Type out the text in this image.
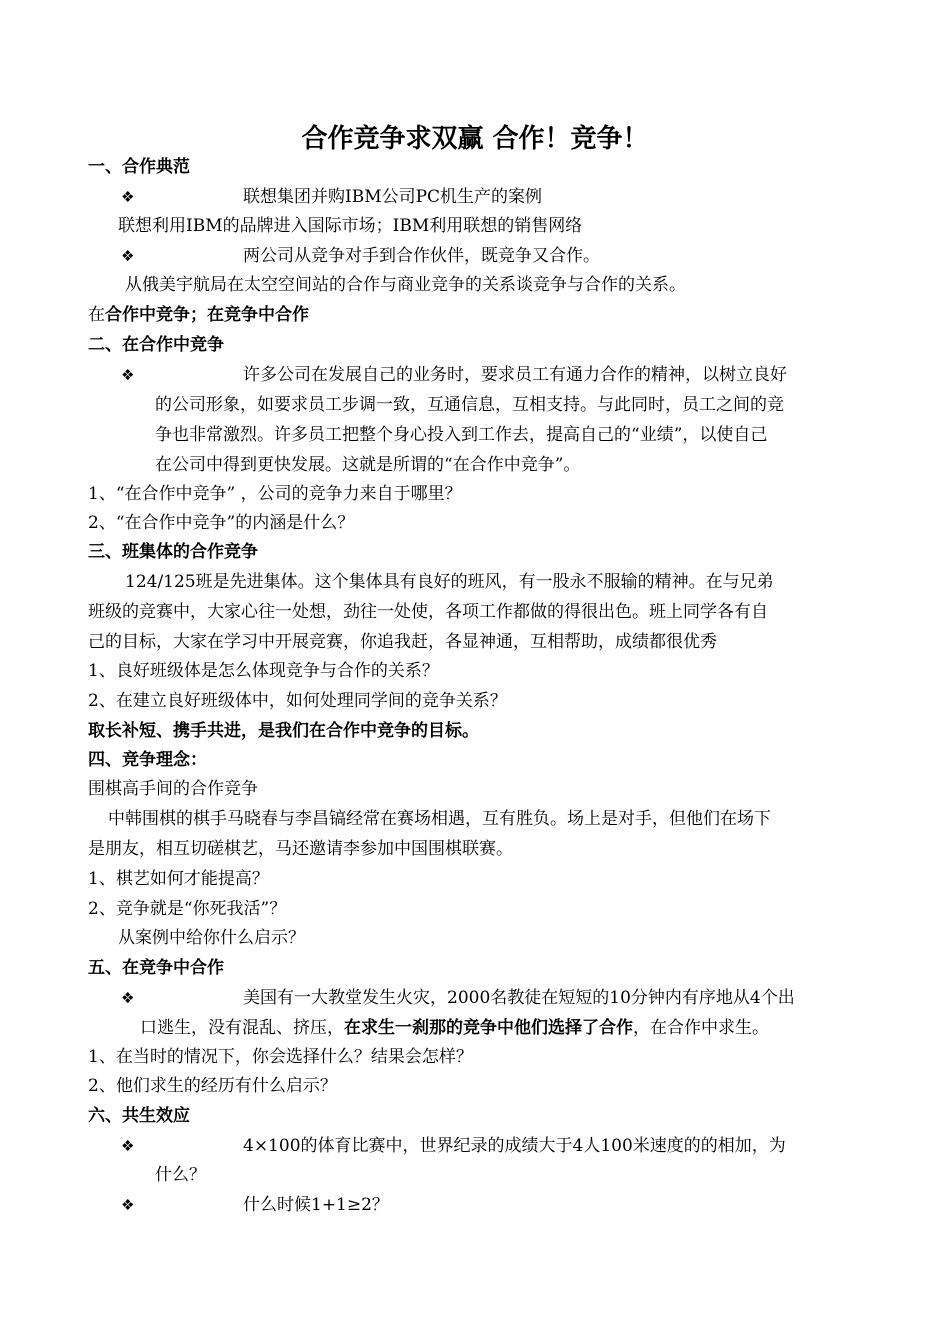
合作竞争求双赢 合作！竞争！
一、合作典范
❖	联想集团并购IBM公司PC机生产的案例
联想利用IBM的品牌进入国际市场；IBM利用联想的销售网络
❖	两公司从竞争对手到合作伙伴，既竞争又合作。
从俄美宇航局在太空空间站的合作与商业竞争的关系谈竞争与合作的关系。
在合作中竞争；在竞争中合作
二、在合作中竞争
❖	许多公司在发展自己的业务时，要求员工有通力合作的精神，以树立良好
的公司形象，如要求员工步调一致，互通信息，互相支持。与此同时，员工之间的竞
争也非常激烈。许多员工把整个身心投入到工作去，提高自己的“业绩”，以使自己
在公司中得到更快发展。这就是所谓的“在合作中竞争”。
1、“在合作中竞争” ，公司的竞争力来自于哪里？
2、“在合作中竞争”的内涵是什么？
三、班集体的合作竞争
124/125班是先进集体。这个集体具有良好的班风，有一股永不服输的精神。在与兄弟
班级的竞赛中，大家心往一处想，劲往一处使，各项工作都做的得很出色。班上同学各有自
己的目标，大家在学习中开展竞赛，你追我赶，各显神通，互相帮助，成绩都很优秀
1、良好班级体是怎么体现竞争与合作的关系？
2、在建立良好班级体中，如何处理同学间的竞争关系？
取长补短、携手共进，是我们在合作中竞争的目标。
四、竞争理念：
围棋高手间的合作竞争
中韩围棋的棋手马晓春与李昌镐经常在赛场相遇，互有胜负。场上是对手，但他们在场下
是朋友，相互切磋棋艺，马还邀请李参加中国围棋联赛。
1、棋艺如何才能提高？
2、竞争就是“你死我活”？
从案例中给你什么启示？
五、在竞争中合作
❖	美国有一大教堂发生火灾，2000名教徒在短短的10分钟内有序地从4个出
口逃生，没有混乱、挤压，在求生一刹那的竞争中他们选择了合作，在合作中求生。
1、在当时的情况下，你会选择什么？结果会怎样？
2、他们求生的经历有什么启示？
六、共生效应
❖	4×100的体育比赛中，世界纪录的成绩大于4人100米速度的的相加，为
什么？
❖	什么时候1+1≥2？
